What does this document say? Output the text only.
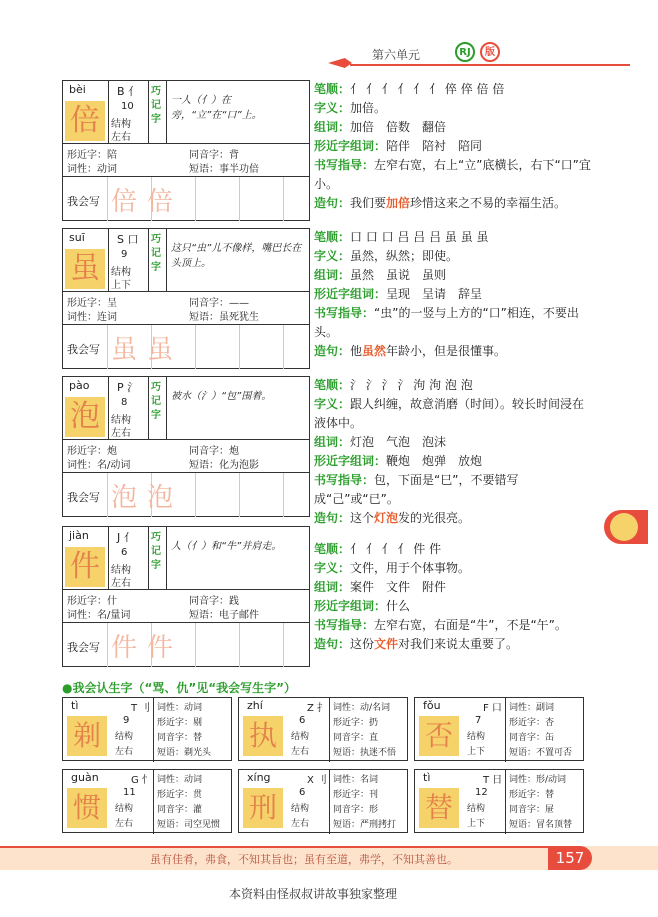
第六单元	RJ	版
bèi	B 亻
倍	10
结构
左右
巧记字
一人（亻）在旁，“立”在“口”上。
形近字：陪	同音字：背
词性：动词	短语：事半功倍
我会写 倍倍
suī	S 口
虽	9
结构
上下
巧记字
这只“虫”儿不像样，嘴巴长在头顶上。
形近字：呈	同音字：——
词性：连词	短语：虽死犹生
我会写 虽虽
pào	P 氵
泡	8
结构
左右
巧记字
被水（氵）“包”围着。
形近字：炮	同音字：炮
词性：名/动词	短语：化为泡影
我会写 泡泡
jiàn	J 亻
件	6
结构
左右
巧记字
人（亻）和“牛”并肩走。
形近字：什	同音字：践
词性：名/量词	短语：电子邮件
我会写 件件
笔顺：亻 亻 亻 亻 亻 亻 倅 倅 倍 倍
字义：加倍。
组词：加倍　倍数　翻倍
形近字组词：陪伴　陪衬　陪同
书写指导：左窄右宽，右上“立”底横长，右下“口”宜小。
造句：我们要加倍珍惜这来之不易的幸福生活。
笔顺：口 口 口 吕 吕 吕 虽 虽 虽
字义：虽然，纵然；即使。
组词：虽然　虽说　虽则
形近字组词：呈现　呈请　辞呈
书写指导：“虫”的一竖与上方的“口”相连，不要出头。
造句：他虽然年龄小，但是很懂事。
笔顺：氵 氵 氵 氵 泃 泃 泡 泡
字义：跟人纠缠，故意消磨（时间）。较长时间浸在液体中。
组词：灯泡　气泡　泡沫
形近字组词：鞭炮　炮弹　放炮
书写指导：包，下面是“巳”，不要错写成“己”或“已”。
造句：这个灯泡发的光很亮。
笔顺：亻 亻 亻 亻 件 件
字义：文件，用于个体事物。
组词：案件　文件　附件
形近字组词：什么
书写指导：左窄右宽，右面是“牛”，不是“午”。
造句：这份文件对我们来说太重要了。
●我会认生字（“骂、仇”见“我会写生字”）
tì	T 刂
剃	9
结构
左右
词性：动词
形近字：剔
同音字：替
短语：剃光头
zhí	Z 扌
执	6
结构
左右
词性：动/名词
形近字：扔
同音字：直
短语：执迷不悟
fǒu	F 口
否	7
结构
上下
词性：副词
形近字：杏
同音字：缶
短语：不置可否
guàn	G 忄
惯	11
结构
左右
词性：动词
形近字：贯
同音字：灌
短语：司空见惯
xíng	X 刂
刑	6
结构
左右
词性：名词
形近字：刊
同音字：形
短语：严刑拷打
tì	T 日
替	12
结构
上下
词性：形/动词
形近字：替
同音字：屉
短语：冒名顶替
虽有佳肴，弗食，不知其旨也；虽有至道，弗学，不知其善也。	157
本资料由怪叔叔讲故事独家整理
